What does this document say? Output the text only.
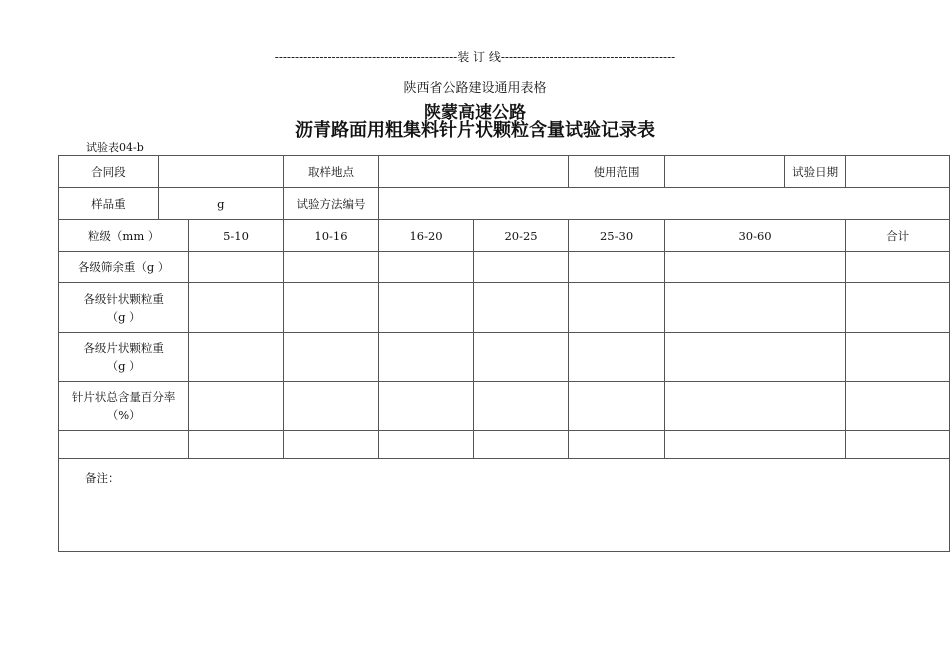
---------------------------------------------装 订 线-------------------------------------------
陕西省公路建设通用表格
陕蒙高速公路
沥青路面用粗集料针片状颗粒含量试验记录表
试验表04-b
合同段			取样地点			使用范围		试验日期	
样品重	g		试验方法编号						
粒级（mm ）		5-10	10-16	16-20	20-25	25-30	30-60		合计
各级筛余重（g ）									
各级针状颗粒重
（g ）									
各级片状颗粒重
（g ）									
针片状总含量百分率
（%）									

备注：									
